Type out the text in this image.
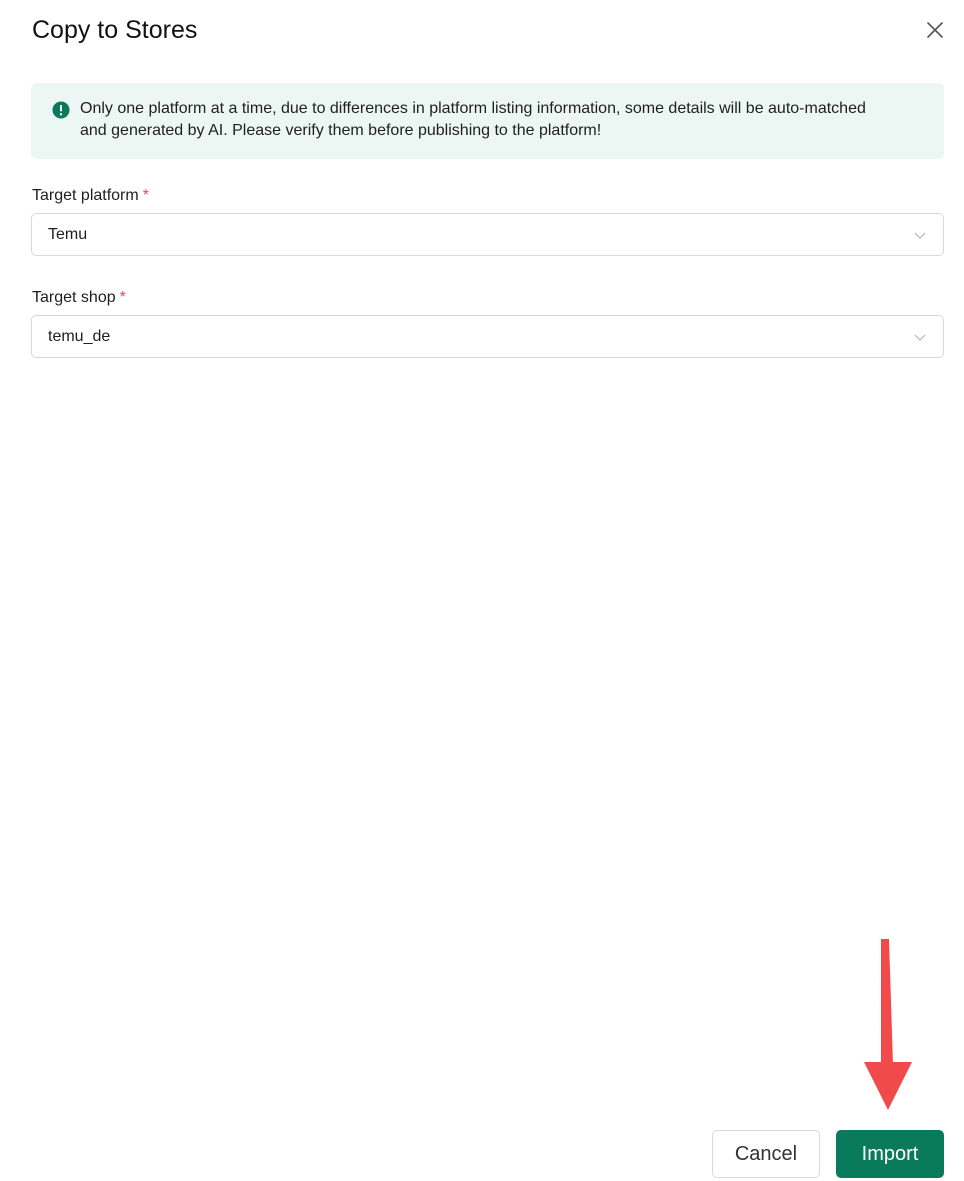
Copy to Stores
Only one platform at a time, due to differences in platform listing information, some details will be auto-matched and generated by AI. Please verify them before publishing to the platform!
Target platform *
Temu
Target shop *
temu_de
Cancel	Import
